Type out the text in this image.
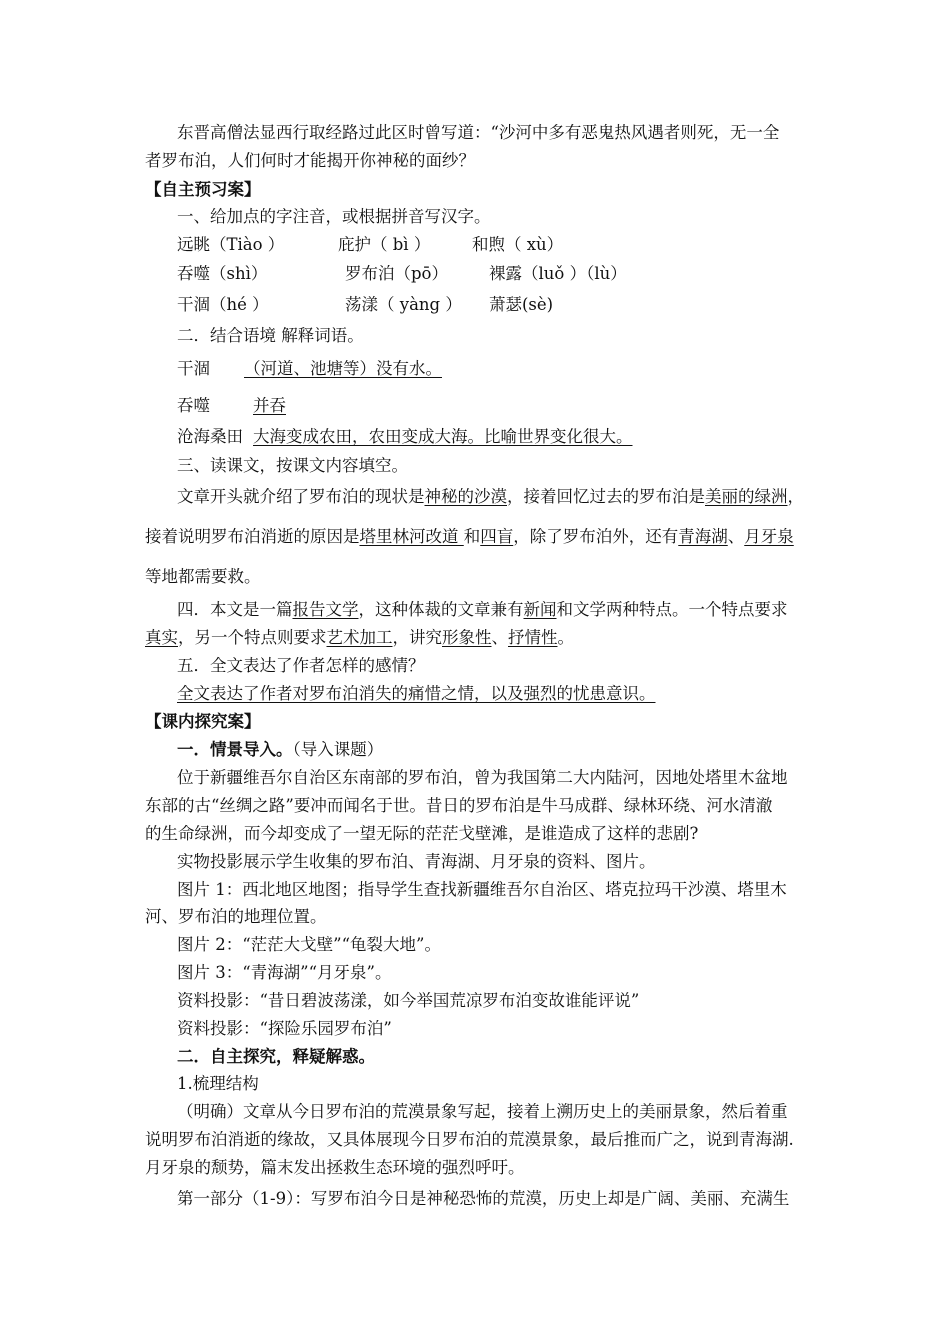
东晋高僧法显西行取经路过此区时曾写道：“沙河中多有恶鬼热风遇者则死，无一全
者罗布泊，人们何时才能揭开你神秘的面纱？
【自主预习案】
一、给加点的字注音，或根据拼音写汉字。
远眺（Tiào ）	庇护（ bì ）	和煦（ xù）
吞噬（shì）	罗布泊（pō） 裸露（luǒ ）（lù）
干涸（hé ）	荡漾（ yàng ） 萧瑟(sè)
二．结合语境 解释词语。
干涸 （河道、池塘等）没有水。
吞噬	并吞
沧海桑田 大海变成农田，农田变成大海。比喻世界变化很大。
三、读课文，按课文内容填空。
文章开头就介绍了罗布泊的现状是神秘的沙漠，接着回忆过去的罗布泊是美丽的绿洲，
接着说明罗布泊消逝的原因是塔里林河改道 和四盲，除了罗布泊外，还有青海湖、月牙泉
等地都需要救。
四．本文是一篇报告文学，这种体裁的文章兼有新闻和文学两种特点。一个特点要求
真实，另一个特点则要求艺术加工，讲究形象性、抒情性。
五．全文表达了作者怎样的感情？
全文表达了作者对罗布泊消失的痛惜之情，以及强烈的忧患意识。
【课内探究案】
一．情景导入。（导入课题）
位于新疆维吾尔自治区东南部的罗布泊，曾为我国第二大内陆河，因地处塔里木盆地
东部的古“丝绸之路”要冲而闻名于世。昔日的罗布泊是牛马成群、绿林环绕、河水清澈
的生命绿洲，而今却变成了一望无际的茫茫戈壁滩，是谁造成了这样的悲剧?
实物投影展示学生收集的罗布泊、青海湖、月牙泉的资料、图片。
图片 1：西北地区地图；指导学生查找新疆维吾尔自治区、塔克拉玛干沙漠、塔里木
河、罗布泊的地理位置。
图片 2：“茫茫大戈壁”“龟裂大地”。
图片 3：“青海湖”“月牙泉”。
资料投影：“昔日碧波荡漾，如今举国荒凉罗布泊变故谁能评说”
资料投影：“探险乐园罗布泊”
二．自主探究，释疑解惑。
1.梳理结构
（明确）文章从今日罗布泊的荒漠景象写起，接着上溯历史上的美丽景象，然后着重
说明罗布泊消逝的缘故，又具体展现今日罗布泊的荒漠景象，最后推而广之，说到青海湖.
月牙泉的颓势，篇末发出拯救生态环境的强烈呼吁。
第一部分（1-9）：写罗布泊今日是神秘恐怖的荒漠，历史上却是广阔、美丽、充满生
